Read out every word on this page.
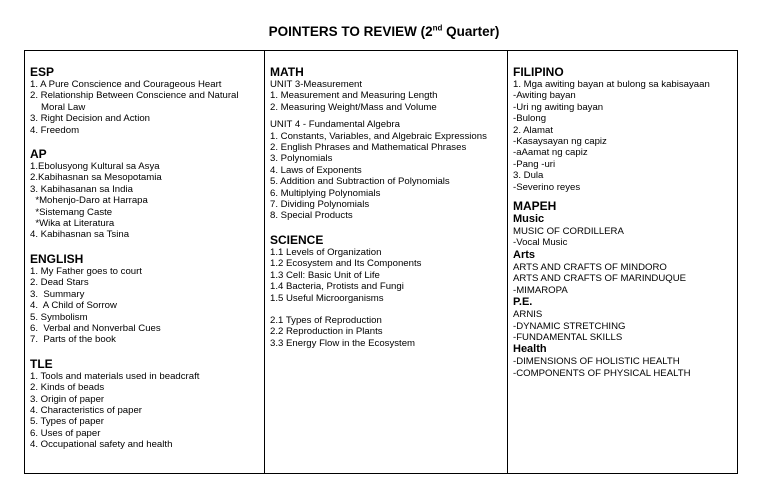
POINTERS TO REVIEW (2nd Quarter)
ESP
1. A Pure Conscience and Courageous Heart
2. Relationship Between Conscience and Natural
Moral Law
3. Right Decision and Action
4. Freedom
AP
1.Ebolusyong Kultural sa Asya
2.Kabihasnan sa Mesopotamia
3. Kabihasanan sa India
*Mohenjo-Daro at Harrapa
*Sistemang Caste
*Wika at Literatura
4. Kabihasnan sa Tsina
ENGLISH
1. My Father goes to court
2. Dead Stars
3.  Summary
4.  A Child of Sorrow
5. Symbolism
6.  Verbal and Nonverbal Cues
7.  Parts of the book
TLE
1. Tools and materials used in beadcraft
2. Kinds of beads
3. Origin of paper
4. Characteristics of paper
5. Types of paper
6. Uses of paper
4. Occupational safety and health
MATH
UNIT 3-Measurement
1. Measurement and Measuring Length
2. Measuring Weight/Mass and Volume
UNIT 4 - Fundamental Algebra
1. Constants, Variables, and Algebraic Expressions
2. English Phrases and Mathematical Phrases
3. Polynomials
4. Laws of Exponents
5. Addition and Subtraction of Polynomials
6. Multiplying Polynomials
7. Dividing Polynomials
8. Special Products
SCIENCE
1.1 Levels of Organization
1.2 Ecosystem and Its Components
1.3 Cell: Basic Unit of Life
1.4 Bacteria, Protists and Fungi
1.5 Useful Microorganisms
2.1 Types of Reproduction
2.2 Reproduction in Plants
3.3 Energy Flow in the Ecosystem
FILIPINO
1. Mga awiting bayan at bulong sa kabisayaan
-Awiting bayan
-Uri ng awiting bayan
-Bulong
2. Alamat
-Kasaysayan ng capiz
-aAamat ng capiz
-Pang -uri
3. Dula
-Severino reyes
MAPEH
Music
MUSIC OF CORDILLERA
-Vocal Music
Arts
ARTS AND CRAFTS OF MINDORO
ARTS AND CRAFTS OF MARINDUQUE
-MIMAROPA
P.E.
ARNIS
-DYNAMIC STRETCHING
-FUNDAMENTAL SKILLS
Health
-DIMENSIONS OF HOLISTIC HEALTH
-COMPONENTS OF PHYSICAL HEALTH
